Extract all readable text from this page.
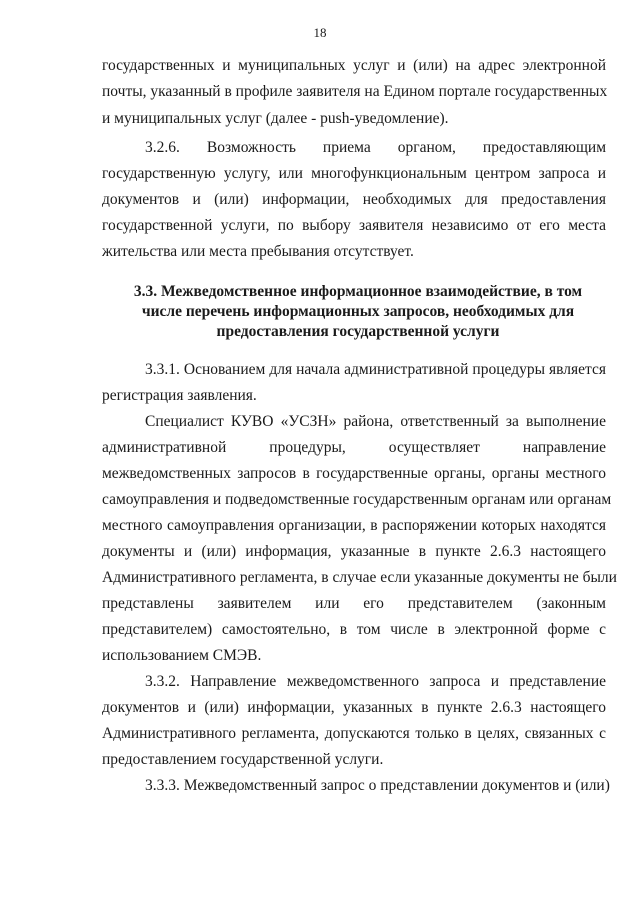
18
государственных и муниципальных услуг и (или) на адрес электронной
почты, указанный в профиле заявителя на Едином портале государственных
и муниципальных услуг (далее - push-уведомление).
3.2.6. Возможность приема органом, предоставляющим
государственную услугу, или многофункциональным центром запроса и
документов и (или) информации, необходимых для предоставления
государственной услуги, по выбору заявителя независимо от его места
жительства или места пребывания отсутствует.
3.3. Межведомственное информационное взаимодействие, в том
числе перечень информационных запросов, необходимых для
предоставления государственной услуги
3.3.1. Основанием для начала административной процедуры является
регистрация заявления.
Специалист КУВО «УСЗН» района, ответственный за выполнение
административной процедуры, осуществляет направление
межведомственных запросов в государственные органы, органы местного
самоуправления и подведомственные государственным органам или органам
местного самоуправления организации, в распоряжении которых находятся
документы и (или) информация, указанные в пункте 2.6.3 настоящего
Административного регламента, в случае если указанные документы не были
представлены заявителем или его представителем (законным
представителем) самостоятельно, в том числе в электронной форме с
использованием СМЭВ.
3.3.2. Направление межведомственного запроса и представление
документов и (или) информации, указанных в пункте 2.6.3 настоящего
Административного регламента, допускаются только в целях, связанных с
предоставлением государственной услуги.
3.3.3. Межведомственный запрос о представлении документов и (или)
